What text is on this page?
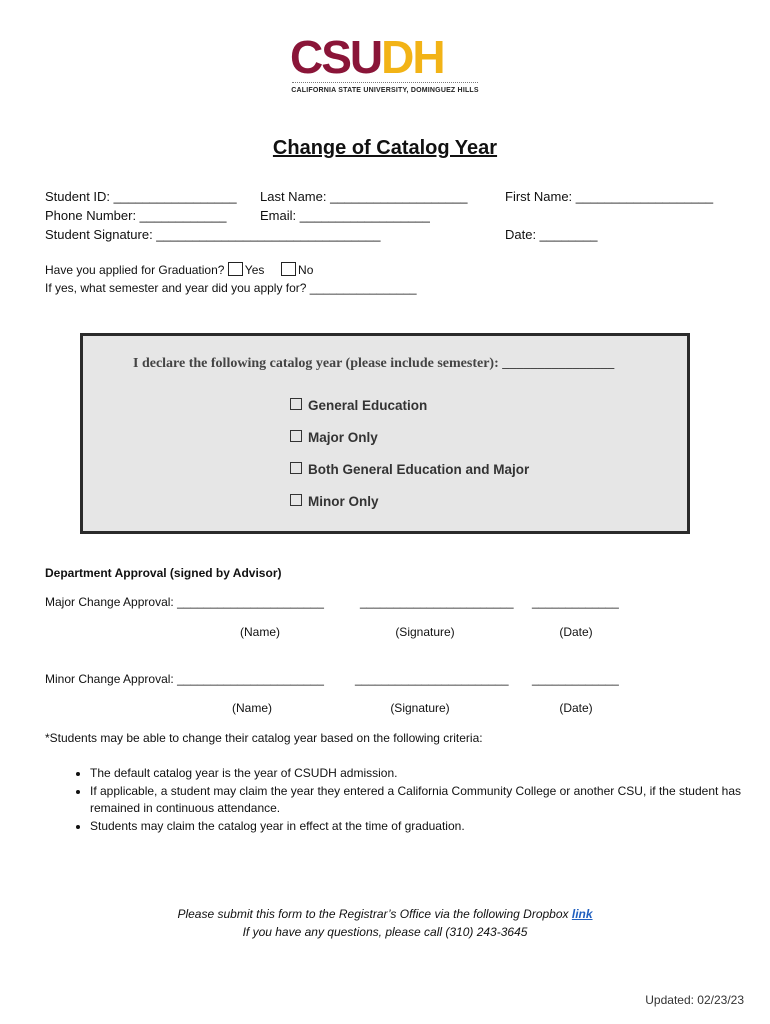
CSUDH
CALIFORNIA STATE UNIVERSITY, DOMINGUEZ HILLS
Change of Catalog Year
Student ID: _________________ Last Name: ___________________	First Name: ___________________
Phone Number: ____________	Email: __________________
Student Signature: _______________________________	Date: ________
Have you applied for Graduation? Yes	No
If yes, what semester and year did you apply for? ________________
I declare the following catalog year (please include semester): ________________
General Education
Major Only
Both General Education and Major
Minor Only
Department Approval (signed by Advisor)
Major Change Approval: ______________________	_______________________ _____________
(Name)	(Signature)	(Date)
Minor Change Approval: ______________________	_______________________ _____________
(Name)	(Signature)	(Date)
*Students may be able to change their catalog year based on the following criteria:
• The default catalog year is the year of CSUDH admission.
• If applicable, a student may claim the year they entered a California Community College or another CSU, if the student has remained in continuous attendance.
• Students may claim the catalog year in effect at the time of graduation.
Please submit this form to the Registrar’s Office via the following Dropbox link
If you have any questions, please call (310) 243-3645
Updated: 02/23/23
